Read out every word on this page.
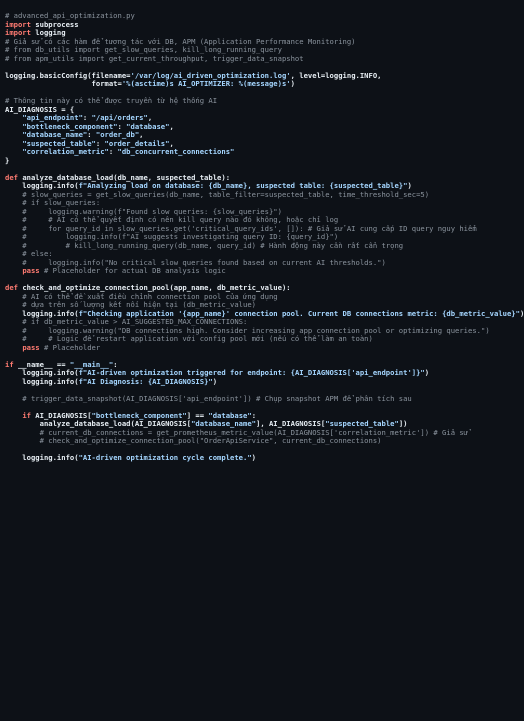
# advanced_api_optimization.py
import subprocess
import logging
# Giả sử có các hàm để tương tác với DB, APM (Application Performance Monitoring)
# from db_utils import get_slow_queries, kill_long_running_query
# from apm_utils import get_current_throughput, trigger_data_snapshot
logging.basicConfig(filename='/var/log/ai_driven_optimization.log', level=logging.INFO,
format='%(asctime)s AI_OPTIMIZER: %(message)s')
# Thông tin này có thể được truyền từ hệ thống AI
AI_DIAGNOSIS = {
"api_endpoint": "/api/orders",
"bottleneck_component": "database",
"database_name": "order_db",
"suspected_table": "order_details",
"correlation_metric": "db_concurrent_connections"
}
def analyze_database_load(db_name, suspected_table):
logging.info(f"Analyzing load on database: {db_name}, suspected table: {suspected_table}")
# slow_queries = get_slow_queries(db_name, table_filter=suspected_table, time_threshold_sec=5)
# if slow_queries:
#     logging.warning(f"Found slow queries: {slow_queries}")
#     # AI có thể quyết định có nên kill query nào đó không, hoặc chỉ log
#     for query_id in slow_queries.get('critical_query_ids', []): # Giả sử AI cung cấp ID query nguy hiểm
#         logging.info(f"AI suggests investigating query ID: {query_id}")
#         # kill_long_running_query(db_name, query_id) # Hành động này cần rất cẩn trọng
# else:
#     logging.info("No critical slow queries found based on current AI thresholds.")
pass # Placeholder for actual DB analysis logic
def check_and_optimize_connection_pool(app_name, db_metric_value):
# AI có thể đề xuất điều chỉnh connection pool của ứng dụng
# dựa trên số lượng kết nối hiện tại (db_metric_value)
logging.info(f"Checking application '{app_name}' connection pool. Current DB connections metric: {db_metric_value}")
# if db_metric_value > AI_SUGGESTED_MAX_CONNECTIONS:
#     logging.warning("DB connections high. Consider increasing app connection pool or optimizing queries.")
#     # Logic để restart application với config pool mới (nếu có thể làm an toàn)
pass # Placeholder
if __name__ == "__main__":
logging.info(f"AI-driven optimization triggered for endpoint: {AI_DIAGNOSIS['api_endpoint']}")
logging.info(f"AI Diagnosis: {AI_DIAGNOSIS}")
# trigger_data_snapshot(AI_DIAGNOSIS['api_endpoint']) # Chụp snapshot APM để phân tích sau
if AI_DIAGNOSIS["bottleneck_component"] == "database":
analyze_database_load(AI_DIAGNOSIS["database_name"], AI_DIAGNOSIS["suspected_table"])
# current_db_connections = get_prometheus_metric_value(AI_DIAGNOSIS['correlation_metric']) # Giả sử
# check_and_optimize_connection_pool("OrderApiService", current_db_connections)
logging.info("AI-driven optimization cycle complete.")
